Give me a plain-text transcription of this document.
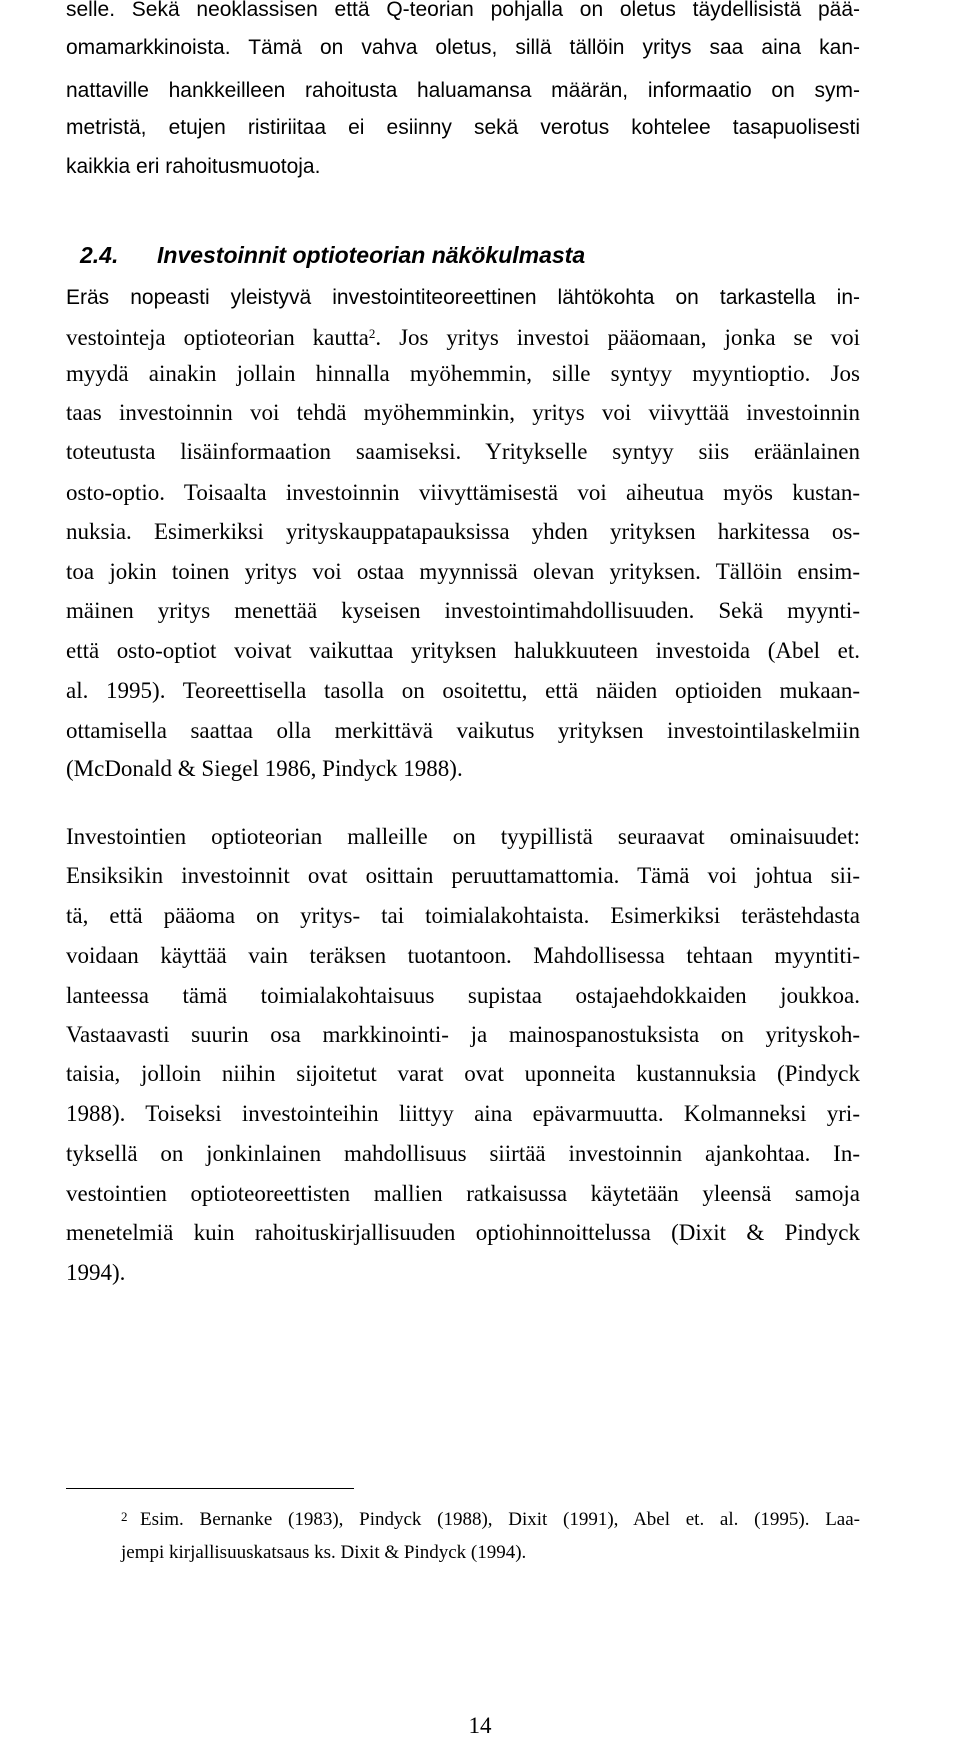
selle. Sekä neoklassisen että Q-teorian pohjalla on oletus täydellisistä pää-
omamarkkinoista. Tämä on vahva oletus, sillä tällöin yritys saa aina kan-
nattaville hankkeilleen rahoitusta haluamansa määrän, informaatio on sym-
metristä, etujen ristiriitaa ei esiinny sekä verotus kohtelee tasapuolisesti
kaikkia eri rahoitusmuotoja.
2.4. Investoinnit optioteorian näkökulmasta
Eräs nopeasti yleistyvä investointiteoreettinen lähtökohta on tarkastella in-
vestointeja optioteorian kautta$^2$. Jos yritys investoi pääomaan, jonka se voi
myydä ainakin jollain hinnalla myöhemmin, sille syntyy myyntioptio. Jos
taas investoinnin voi tehdä myöhemminkin, yritys voi viivyttää investoinnin
toteutusta lisäinformaation saamiseksi. Yritykselle syntyy siis eräänlainen
osto-optio. Toisaalta investoinnin viivyttämisestä voi aiheutua myös kustan-
nuksia. Esimerkiksi yrityskauppatapauksissa yhden yrityksen harkitessa os-
toa jokin toinen yritys voi ostaa myynnissä olevan yrityksen. Tällöin ensim-
mäinen yritys menettää kyseisen investointimahdollisuuden. Sekä myynti-
että osto-optiot voivat vaikuttaa yrityksen halukkuuteen investoida (Abel et.
al. 1995). Teoreettisella tasolla on osoitettu, että näiden optioiden mukaan-
ottamisella saattaa olla merkittävä vaikutus yrityksen investointilaskelmiin
(McDonald & Siegel 1986, Pindyck 1988).
Investointien optioteorian malleille on tyypillistä seuraavat ominaisuudet:
Ensiksikin investoinnit ovat osittain peruuttamattomia. Tämä voi johtua sii-
tä, että pääoma on yritys- tai toimialakohtaista. Esimerkiksi terästehdasta
voidaan käyttää vain teräksen tuotantoon. Mahdollisessa tehtaan myyntiti-
lanteessa tämä toimialakohtaisuus supistaa ostajaehdokkaiden joukkoa.
Vastaavasti suurin osa markkinointi- ja mainospanostuksista on yrityskoh-
taisia, jolloin niihin sijoitetut varat ovat uponneita kustannuksia (Pindyck
1988). Toiseksi investointeihin liittyy aina epävarmuutta. Kolmanneksi yri-
tyksellä on jonkinlainen mahdollisuus siirtää investoinnin ajankohtaa. In-
vestointien optioteoreettisten mallien ratkaisussa käytetään yleensä samoja
menetelmiä kuin rahoituskirjallisuuden optiohinnoittelussa (Dixit & Pindyck
1994).
2 Esim. Bernanke (1983), Pindyck (1988), Dixit (1991), Abel et. al. (1995). Laa-
jempi kirjallisuuskatsaus ks. Dixit & Pindyck (1994).
14
